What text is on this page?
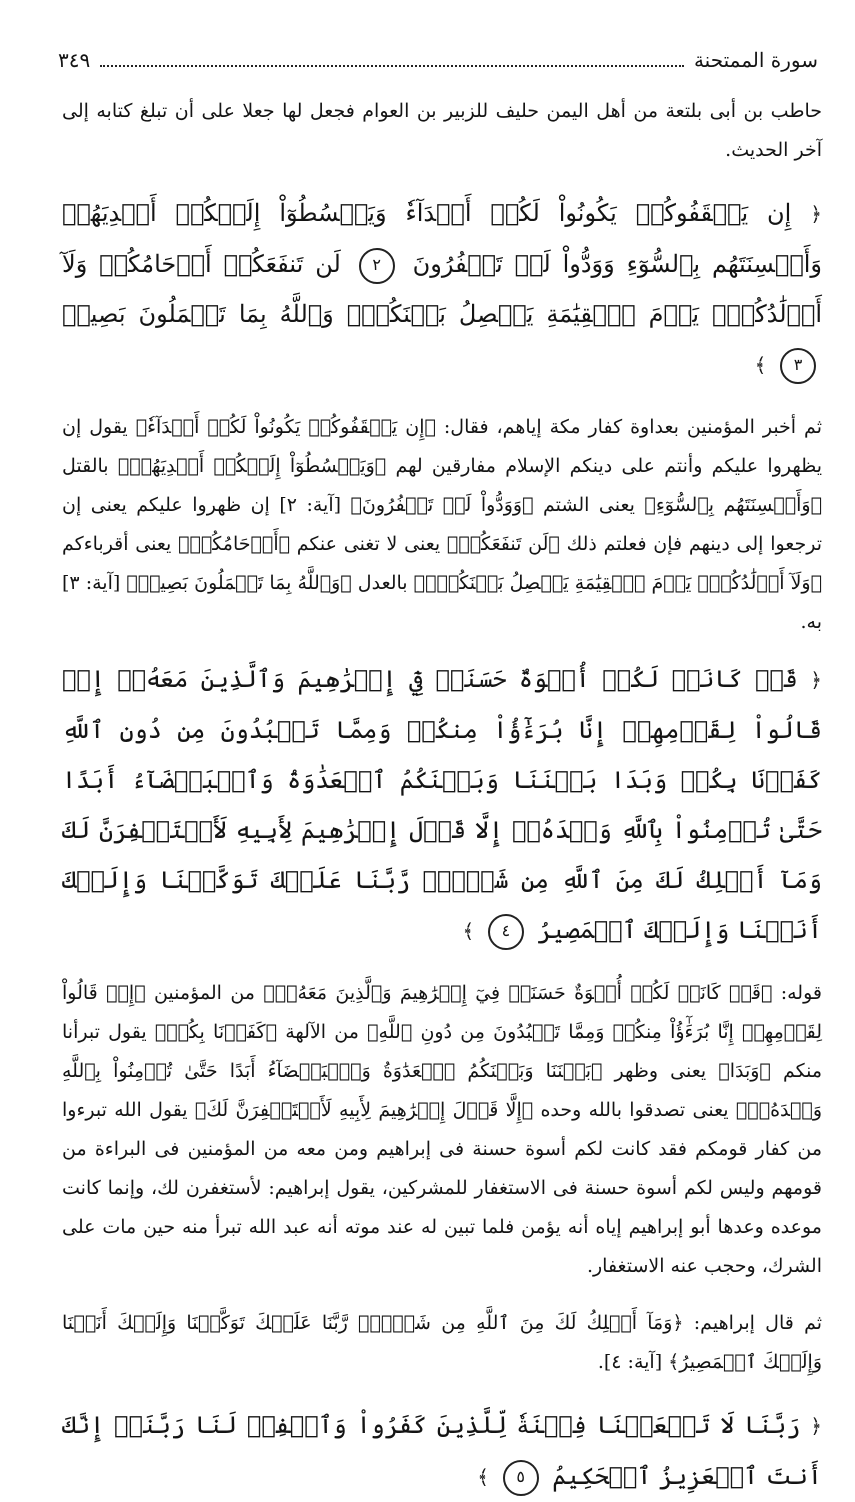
سورة الممتحنة
٣٤٩

حاطب بن أبى بلتعة من أهل اليمن حليف للزبير بن العوام فجعل لها جعلا على أن تبلغ كتابه إلى آخر الحديث.

﴿ إِن يَثۡقَفُوكُمۡ يَكُونُواْ لَكُمۡ أَعۡدَآءٗ وَيَبۡسُطُوٓاْ إِلَيۡكُمۡ أَيۡدِيَهُمۡ وَأَلۡسِنَتَهُم بِٱلسُّوٓءِ وَوَدُّواْ لَوۡ تَكۡفُرُونَ ٢ لَن تَنفَعَكُمۡ أَرۡحَامُكُمۡ وَلَآ أَوۡلَٰدُكُمۡۚ يَوۡمَ ٱلۡقِيَٰمَةِ يَفۡصِلُ بَيۡنَكُمۡۚ وَٱللَّهُ بِمَا تَعۡمَلُونَ بَصِيرٞ ٣ ﴾

ثم أخبر المؤمنين بعداوة كفار مكة إياهم، فقال: ﴿إِن يَثۡقَفُوكُمۡ يَكُونُواْ لَكُمۡ أَعۡدَآءٗ﴾ يقول إن يظهروا عليكم وأنتم على دينكم الإسلام مفارقين لهم ﴿وَيَبۡسُطُوٓاْ إِلَيۡكُمۡ أَيۡدِيَهُمۡ﴾ بالقتل ﴿وَأَلۡسِنَتَهُم بِٱلسُّوٓءِ﴾ يعنى الشتم ﴿وَوَدُّواْ لَوۡ تَكۡفُرُونَ﴾ [آية: ٢] إن ظهروا عليكم يعنى إن ترجعوا إلى دينهم فإن فعلتم ذلك ﴿لَن تَنفَعَكُمۡ﴾ يعنى لا تغنى عنكم ﴿أَرۡحَامُكُمۡ﴾ يعنى أقرباءكم ﴿وَلَآ أَوۡلَٰدُكُمۡۚ يَوۡمَ ٱلۡقِيَٰمَةِ يَفۡصِلُ بَيۡنَكُمۡۚ﴾ بالعدل ﴿وَٱللَّهُ بِمَا تَعۡمَلُونَ بَصِيرٞ﴾ [آية: ٣] به.

﴿ قَدۡ كَانَتۡ لَكُمۡ أُسۡوَةٌ حَسَنَةٞ فِيٓ إِبۡرَٰهِيمَ وَٱلَّذِينَ مَعَهُۥٓ إِذۡ قَالُواْ لِقَوۡمِهِمۡ إِنَّا بُرَءَٰٓؤُاْ مِنكُمۡ وَمِمَّا تَعۡبُدُونَ مِن دُونِ ٱللَّهِ كَفَرۡنَا بِكُمۡ وَبَدَا بَيۡنَنَا وَبَيۡنَكُمُ ٱلۡعَدَٰوَةُ وَٱلۡبَغۡضَآءُ أَبَدًا حَتَّىٰ تُؤۡمِنُواْ بِٱللَّهِ وَحۡدَهُۥٓ إِلَّا قَوۡلَ إِبۡرَٰهِيمَ لِأَبِيهِ لَأَسۡتَغۡفِرَنَّ لَكَ وَمَآ أَمۡلِكُ لَكَ مِنَ ٱللَّهِ مِن شَيۡءٖۖ رَّبَّنَا عَلَيۡكَ تَوَكَّلۡنَا وَإِلَيۡكَ أَنَبۡنَا وَإِلَيۡكَ ٱلۡمَصِيرُ ٤ ﴾

قوله: ﴿قَدۡ كَانَتۡ لَكُمۡ أُسۡوَةٌ حَسَنَةٞ فِيٓ إِبۡرَٰهِيمَ وَٱلَّذِينَ مَعَهُۥٓ﴾ من المؤمنين ﴿إِذۡ قَالُواْ لِقَوۡمِهِمۡ إِنَّا بُرَءَٰٓؤُاْ مِنكُمۡ وَمِمَّا تَعۡبُدُونَ مِن دُونِ ٱللَّهِ﴾ من الآلهة ﴿كَفَرۡنَا بِكُمۡ﴾ يقول تبرأنا منكم ﴿وَبَدَا﴾ يعنى وظهر ﴿بَيۡنَنَا وَبَيۡنَكُمُ ٱلۡعَدَٰوَةُ وَٱلۡبَغۡضَآءُ أَبَدًا حَتَّىٰ تُؤۡمِنُواْ بِٱللَّهِ وَحۡدَهُۥٓ﴾ يعنى تصدقوا بالله وحده ﴿إِلَّا قَوۡلَ إِبۡرَٰهِيمَ لِأَبِيهِ لَأَسۡتَغۡفِرَنَّ لَكَ﴾ يقول الله تبرءوا من كفار قومكم فقد كانت لكم أسوة حسنة فى إبراهيم ومن معه من المؤمنين فى البراءة من قومهم وليس لكم أسوة حسنة فى الاستغفار للمشركين، يقول إبراهيم: لأستغفرن لك، وإنما كانت موعده وعدها أبو إبراهيم إياه أنه يؤمن فلما تبين له عند موته أنه عبد الله تبرأ منه حين مات على الشرك، وحجب عنه الاستغفار.

ثم قال إبراهيم: ﴿وَمَآ أَمۡلِكُ لَكَ مِنَ ٱللَّهِ مِن شَيۡءٖۖ رَّبَّنَا عَلَيۡكَ تَوَكَّلۡنَا وَإِلَيۡكَ أَنَبۡنَا وَإِلَيۡكَ ٱلۡمَصِيرُ﴾ [آية: ٤].

﴿ رَبَّنَا لَا تَجۡعَلۡنَا فِتۡنَةٗ لِّلَّذِينَ كَفَرُواْ وَٱغۡفِرۡ لَنَا رَبَّنَآۖ إِنَّكَ أَنتَ ٱلۡعَزِيزُ ٱلۡحَكِيمُ ٥ ﴾
